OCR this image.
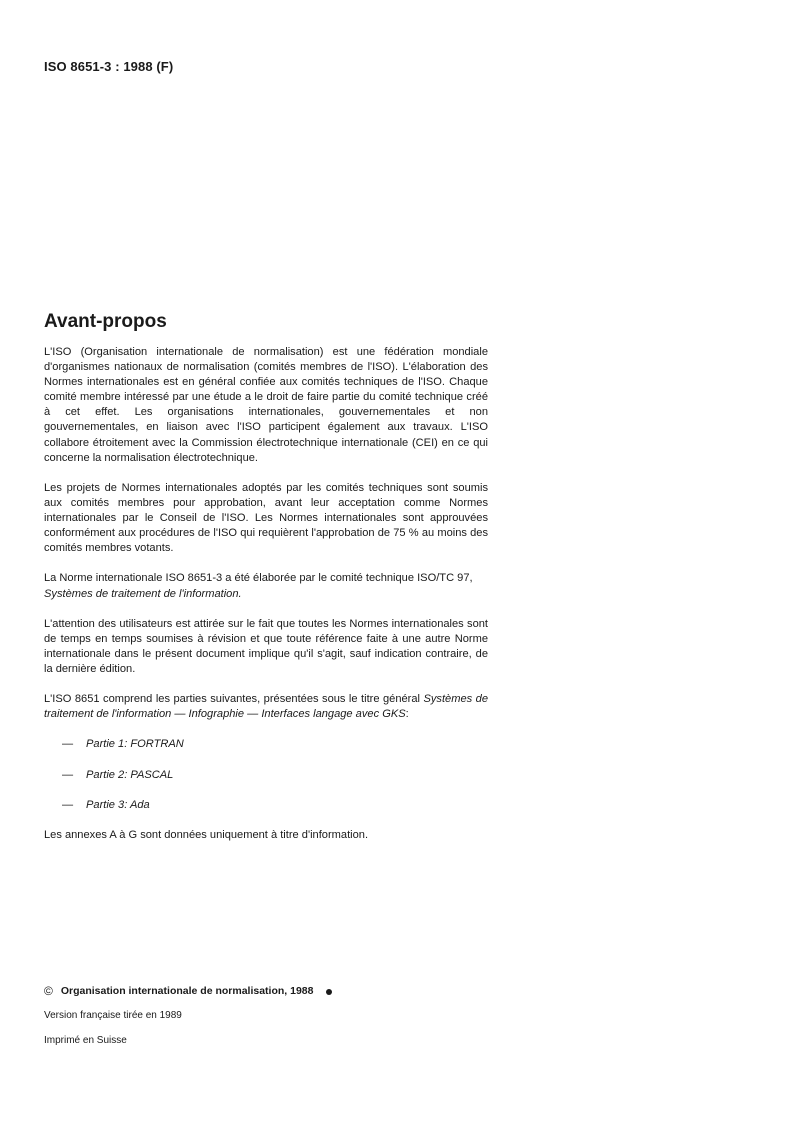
ISO 8651-3 : 1988 (F)
Avant-propos

L'ISO (Organisation internationale de normalisation) est une fédération mondiale d'organismes nationaux de normalisation (comités membres de l'ISO). L'élaboration des Normes internationales est en général confiée aux comités techniques de l'ISO. Chaque comité membre intéressé par une étude a le droit de faire partie du comité technique créé à cet effet. Les organisations internationales, gouvernementales et non gouvernementales, en liaison avec l'ISO participent également aux travaux. L'ISO collabore étroitement avec la Commission électrotechnique internationale (CEI) en ce qui concerne la normalisation électrotechnique.

Les projets de Normes internationales adoptés par les comités techniques sont soumis aux comités membres pour approbation, avant leur acceptation comme Normes internationales par le Conseil de l'ISO. Les Normes internationales sont approuvées conformément aux procédures de l'ISO qui requièrent l'approbation de 75 % au moins des comités membres votants.

La Norme internationale ISO 8651-3 a été élaborée par le comité technique ISO/TC 97,
Systèmes de traitement de l'information.

L'attention des utilisateurs est attirée sur le fait que toutes les Normes internationales sont de temps en temps soumises à révision et que toute référence faite à une autre Norme internationale dans le présent document implique qu'il s'agit, sauf indication contraire, de la dernière édition.

L'ISO 8651 comprend les parties suivantes, présentées sous le titre général Systèmes de traitement de l'information — Infographie — Interfaces langage avec GKS:

— Partie 1: FORTRAN
— Partie 2: PASCAL
— Partie 3: Ada

Les annexes A à G sont données uniquement à titre d'information.

© Organisation internationale de normalisation, 1988
Version française tirée en 1989
Imprimé en Suisse
